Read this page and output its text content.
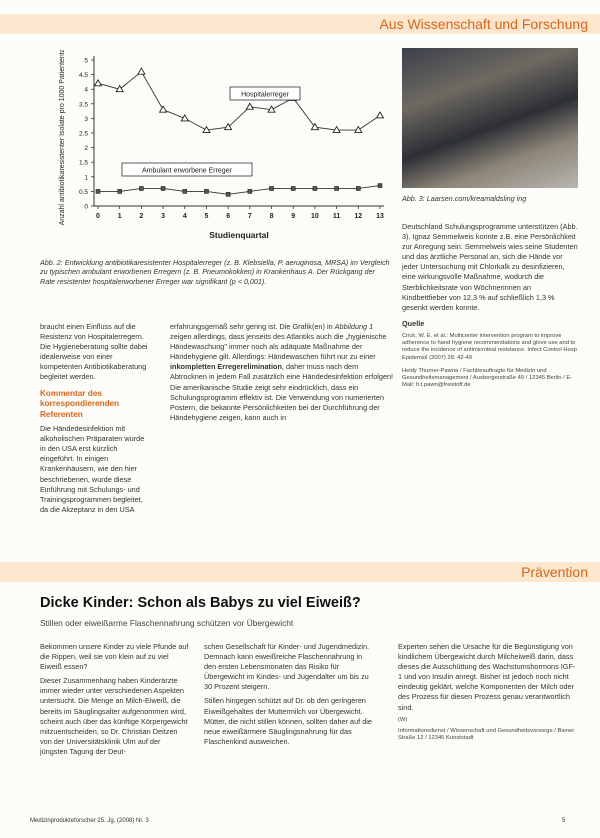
Aus Wissenschaft und Forschung
5
4.5
4
3.5
3
2.5
2
1.5
1
0.5
0
Anzahl antibiotikaresistenter Isolate pro 1000 Patiententage	0	1	2	3	4	5	6	7	8	9 10 11 12 13
Studienquartal
Hospitalerreger
Ambulant erworbene Erreger
Abb. 2: Entwicklung antibiotikaresistenter Hospitalerreger (z. B. Klebsiella, P. aeruginosa, MRSA) im Vergleich zu typischen ambulant erworbenen Erregern (z. B. Pneumokokken) in Krankenhaus A. Der Rückgang der Rate resistenter hospitalerworbener Erreger war signifikant (p < 0,001).
Abb. 3: Laarsen.com/kreamaldsling ing

braucht einen Einfluss auf die Resistenz von Hospitalerregern. Die Hygieneberatung sollte dabei idealerweise von einer kompetenten Antibiotikaberatung begleitet werden.

Kommentar des korrespondierenden Referenten

Die Händedesinfektion mit alkoholischen Präparaten wurde in den USA erst kürzlich eingeführt. In einigen Krankenhäusern, wie den hier beschriebenen, wurde diese Einführung mit Schulungs- und Trainingsprogrammen begleitet, da die Akzeptanz in den USA

erfahrungsgemäß sehr gering ist. Die Grafik(en) in Abbildung 1 zeigen allerdings, dass jenseits des Atlantiks auch die „hygienische Händewaschung" immer noch als adäquate Maßnahme der Händehygiene gilt. Allerdings: Händewaschen führt nur zu einer inkompletten Erregerelimination, daher muss nach dem Abtrocknen in jedem Fall zusätzlich eine Händedesinfektion erfolgen! Die amerikanische Studie zeigt sehr eindrücklich, dass ein Schulungsprogramm effektiv ist. Die Verwendung von numerierten Postern, die bekannte Persönlichkeiten bei der Durchführung der Händehygiene zeigen, kann auch in

Deutschland Schulungsprogramme unterstützen (Abb. 3). Ignaz Semmelweis konnte z.B. eine Persönlichkeit zur Anregung sein. Semmelweis wies seine Studenten und das ärztliche Personal an, sich die Hände vor jeder Untersuchung mit Chlorkalk zu desinfizieren, eine wirkungsvolle Maßnahme, wodurch die Sterblichkeitsrate von Wöchnerinnen an Kindbettfieber von 12,3 % auf schließlich 1,3 % gesenkt werden konnte.

Quelle

Crick, W. E. et al.: Multicenter intervention program to improve adherence to hand hygiene recommendations and glove use and to reduce the incidence of antimicrobial resistance. Infect Control Hosp Epidemiol (2007) 28: 42-49

Heidy Thurner-Pawna / Fachbeauftragte für Medizin und Gesundheitsmanagement / Ausbergerstraße 49 / 12345 Berlin / E-Mail: h.t.pawn@freistoff.de

Prävention
Dicke Kinder: Schon als Babys zu viel Eiweiß?
Stillen oder eiweißarme Flaschennahrung schützen vor Übergewicht

Bekommen unsere Kinder zu viele Pfunde auf die Rippen, weil sie von klein auf zu viel Eiweiß essen?

Dieser Zusammenhang haben Kinderärzte immer wieder unter verschiedenen Aspekten untersucht. Die Menge an Milch-Eiweiß, die bereits im Säuglingsalter aufgenommen wird, scheint auch über das künftige Körpergewicht mitzuentscheiden, so Dr. Christian Deitzen von der Universitätsklinik Ulm auf der jüngsten Tagung der Deut-

schen Gesellschaft für Kinder- und Jugendmedizin. Demnach kann eiweißreiche Flaschennahrung in den ersten Lebensmonaten das Risiko für Übergewicht im Kindes- und Jugendalter um bis zu 30 Prozent steigern.

Stillen hingegen schützt auf Dr. ob den geringeren Eiweißgehaltes der Muttermilch vor Übergewicht. Mütter, die nicht stillen können, sollten daher auf die neue eiweißärmere Säuglingsnahrung für das Flaschenkind ausweichen.

Experten sehen die Ursache für die Begünstigung von kindlichem Übergewicht durch Milcheiweiß darin, dass dieses die Ausschüttung des Wachstumshormons IGF-1 und von Insulin anregt. Bisher ist jedoch noch nicht eindeutig geklärt, welche Komponenten der Milch oder des Prozess für diesen Prozess genau verantwortlich sind.

(W)

Informationsdienst / Wissenschaft und Gesundheitsvorsorge / Biener Straße 12 / 12345 Kunststadt

Medizinprodukteforscher 25. Jg. (2008) Nr. 3	5
